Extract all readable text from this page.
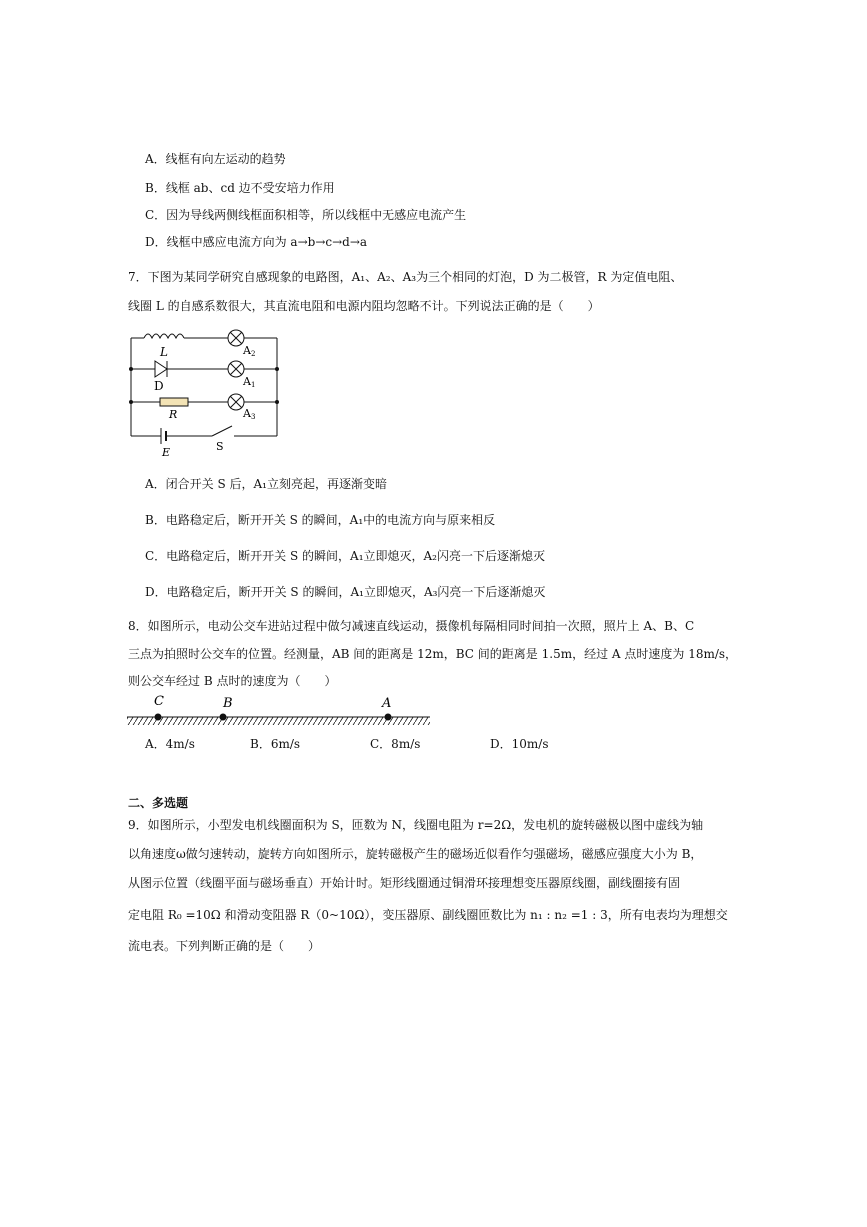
A．线框有向左运动的趋势
B．线框 ab、cd 边不受安培力作用
C．因为导线两侧线框面积相等，所以线框中无感应电流产生
D．线框中感应电流方向为 a→b→c→d→a
7．下图为某同学研究自感现象的电路图，A₁、A₂、A₃为三个相同的灯泡，D 为二极管，R 为定值电阻、
线圈 L 的自感系数很大，其直流电阻和电源内阻均忽略不计。下列说法正确的是（　　）
L
D
R
E	S
A 2
A 1
A 3
A．闭合开关 S 后，A₁立刻亮起，再逐渐变暗
B．电路稳定后，断开开关 S 的瞬间，A₁中的电流方向与原来相反
C．电路稳定后，断开开关 S 的瞬间，A₁立即熄灭，A₂闪亮一下后逐渐熄灭
D．电路稳定后，断开开关 S 的瞬间，A₁立即熄灭，A₃闪亮一下后逐渐熄灭
8．如图所示，电动公交车进站过程中做匀减速直线运动，摄像机每隔相同时间拍一次照，照片上 A、B、C
三点为拍照时公交车的位置。经测量，AB 间的距离是 12m，BC 间的距离是 1.5m，经过 A 点时速度为 18m/s，
则公交车经过 B 点时的速度为（　　）
C	B	A
A．4m/s	B．6m/s	C．8m/s	D．10m/s
二、多选题
9．如图所示，小型发电机线圈面积为 S，匝数为 N，线圈电阻为 r=2Ω，发电机的旋转磁极以图中虚线为轴
以角速度ω做匀速转动，旋转方向如图所示，旋转磁极产生的磁场近似看作匀强磁场，磁感应强度大小为 B，
从图示位置（线圈平面与磁场垂直）开始计时。矩形线圈通过铜滑环接理想变压器原线圈，副线圈接有固
定电阻 R₀ =10Ω 和滑动变阻器 R（0~10Ω），变压器原、副线圈匝数比为 n₁ : n₂ =1 : 3，所有电表均为理想交
流电表。下列判断正确的是（　　）
